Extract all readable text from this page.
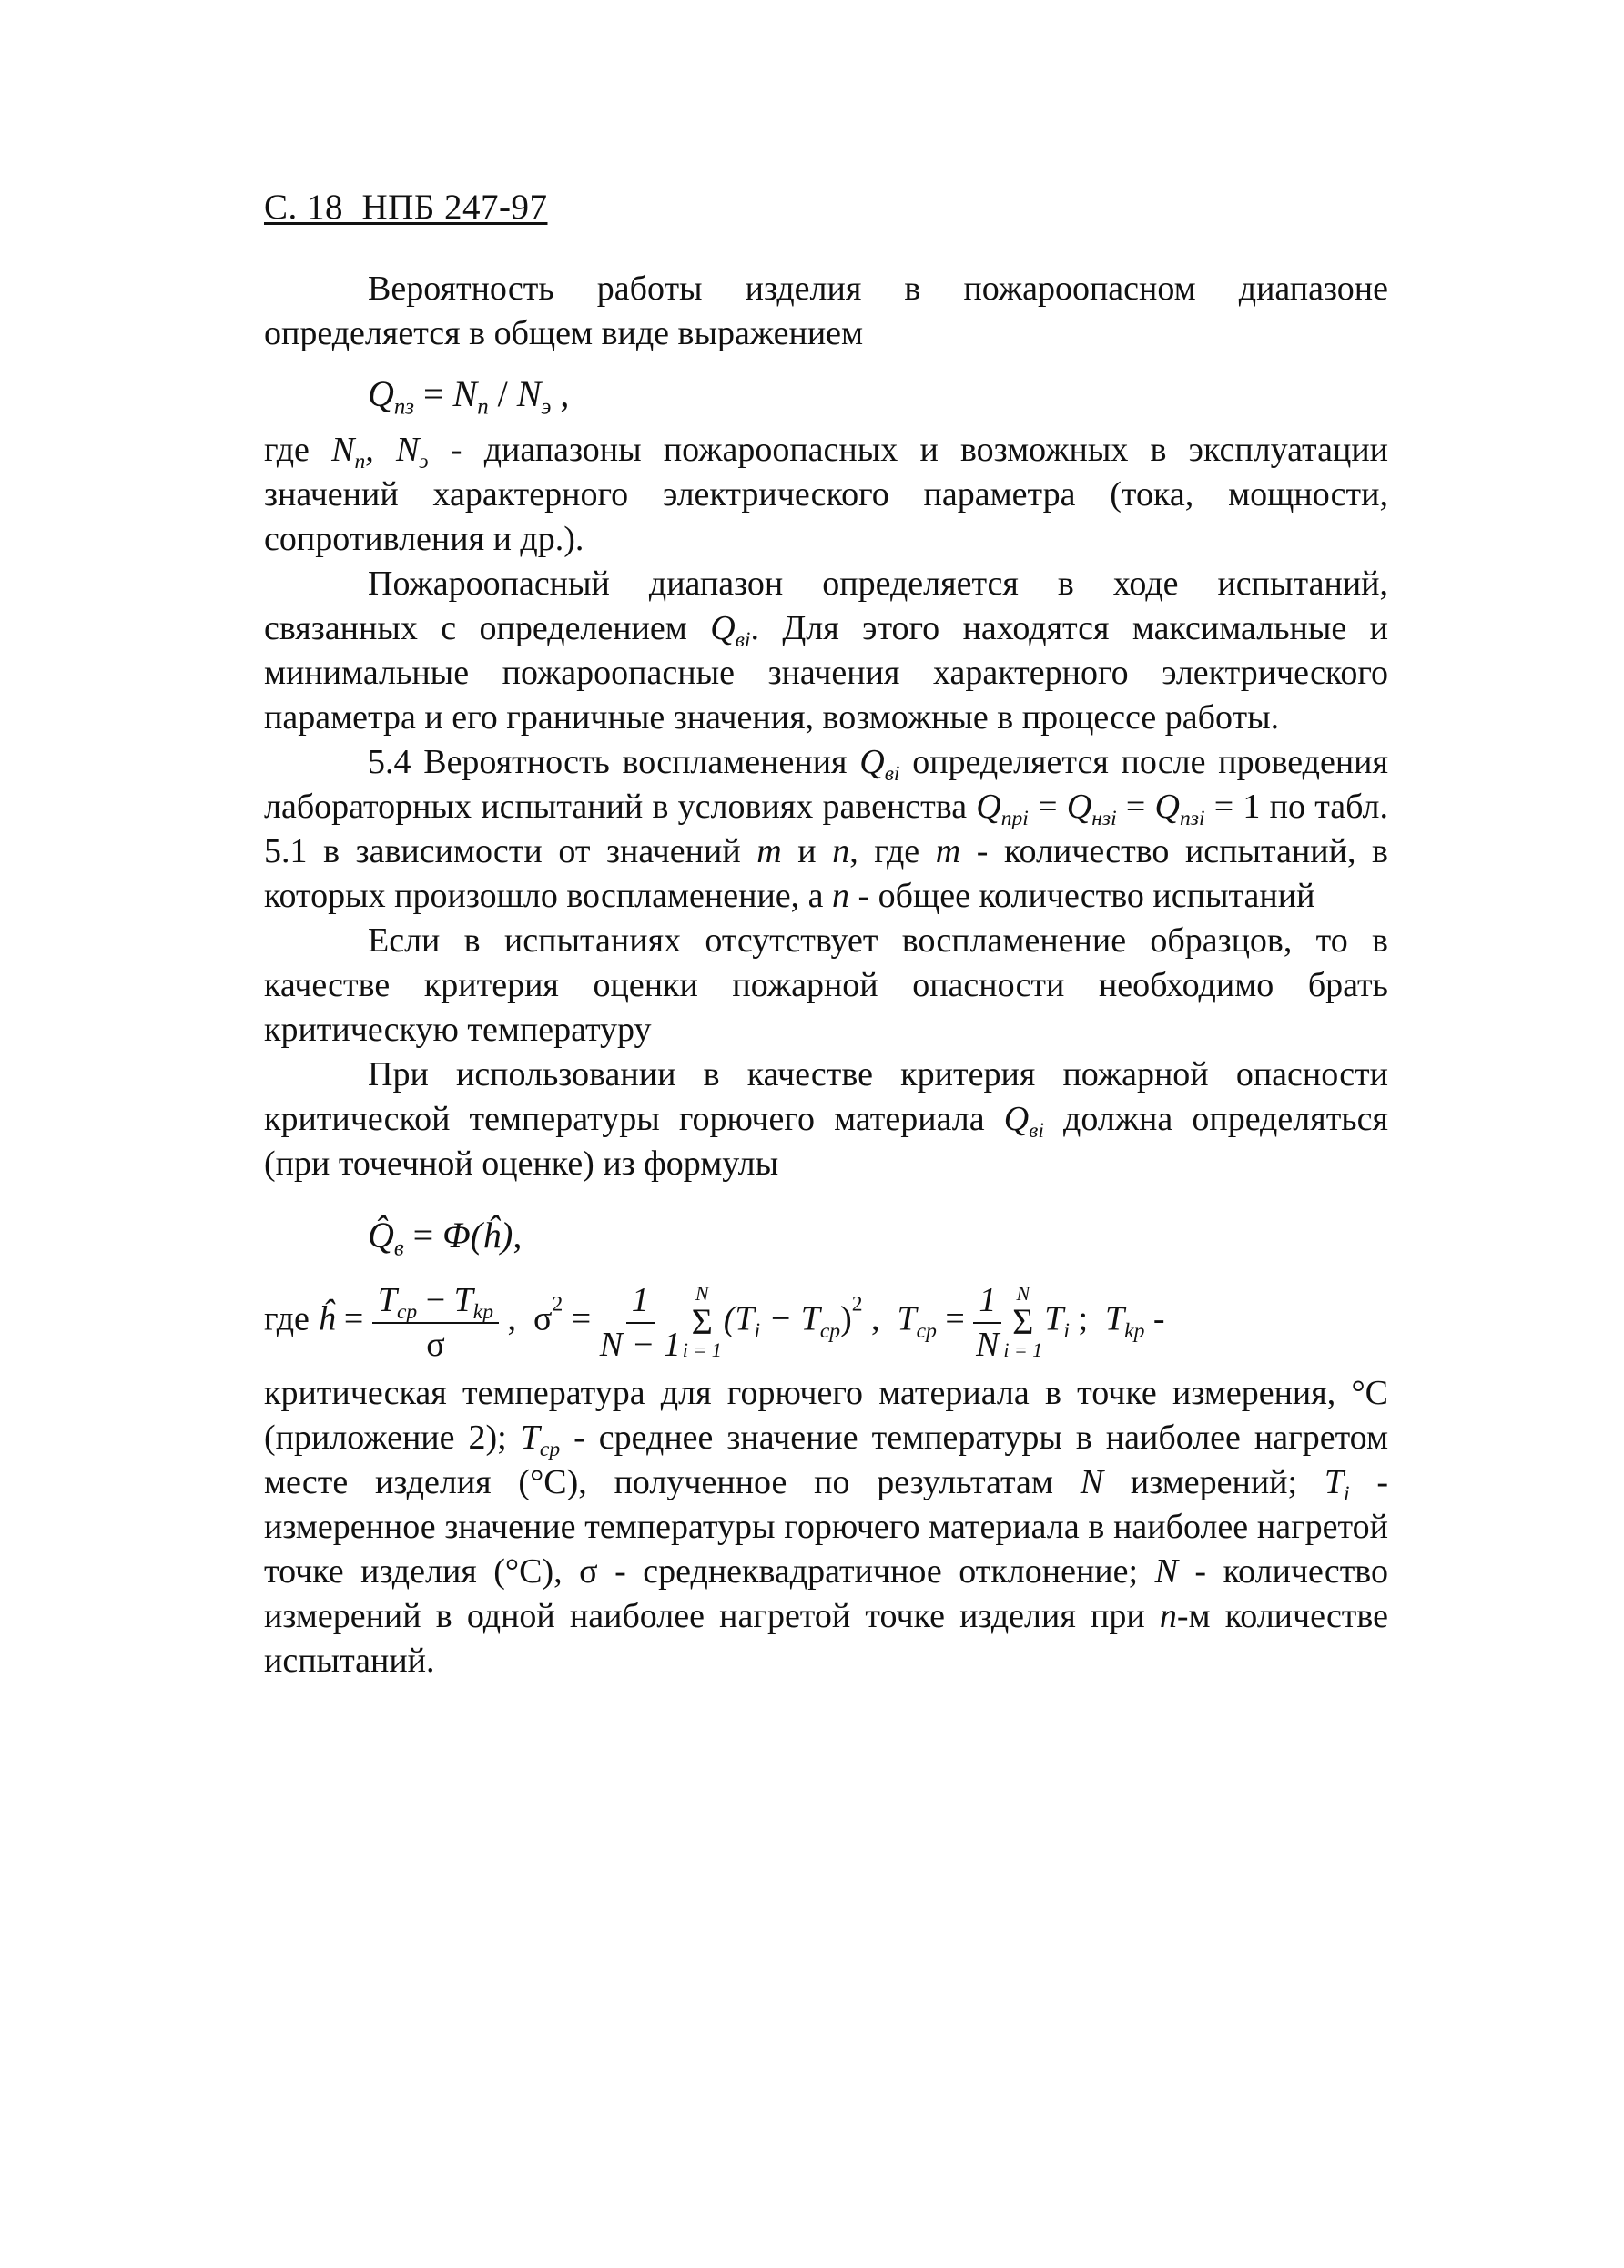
С. 18  НПБ 247-97

Вероятность работы изделия в пожароопасном диапазоне определяется в общем виде выражением

$Q_{пз} = N_п / N_э$ ,

где $N_п$, $N_э$ - диапазоны пожароопасных и возможных в эксплуатации значений характерного электрического параметра (тока, мощности, сопротивления и др.).

Пожароопасный диапазон определяется в ходе испытаний, связанных с определением $Q_{вi}$. Для этого находятся максимальные и минимальные пожароопасные значения характерного электрического параметра и его граничные значения, возможные в процессе работы.

5.4 Вероятность воспламенения $Q_{вi}$ определяется после проведения лабораторных испытаний в условиях равенства $Q_{прi} = Q_{нзi} = Q_{пзi} = 1$ по табл. 5.1 в зависимости от значений m и n, где m - количество испытаний, в которых произошло воспламенение, а n - общее количество испытаний

Если в испытаниях отсутствует воспламенение образцов, то в качестве критерия оценки пожарной опасности необходимо брать критическую температуру

При использовании в качестве критерия пожарной опасности критической температуры горючего материала $Q_{вi}$ должна определяться (при точечной оценке) из формулы

$Q̂_в$ = Φ(ĥ),
где ĥ = $\frac{T_{ср} - T_{kр}}{\sigma}$ ,  $\sigma^2 = \frac{1}{N - 1}$ N
Σ
i = 1
$(T_i - T_{ср})^2$ ,  $T_{ср} = \frac{1}{N}$ N
Σ
i = 1
$T_i$ ;  $T_{kр}$ -

критическая температура для горючего материала в точке измерения, °С (приложение 2); $T_{ср}$ - среднее значение температуры в наиболее нагретом месте изделия (°С), полученное по результатам N измерений; $T_i$ - измеренное значение температуры горючего материала в наиболее нагретой точке изделия (°С), σ - среднеквадратичное отклонение; N - количество измерений в одной наиболее нагретой точке изделия при n-м количестве испытаний.
